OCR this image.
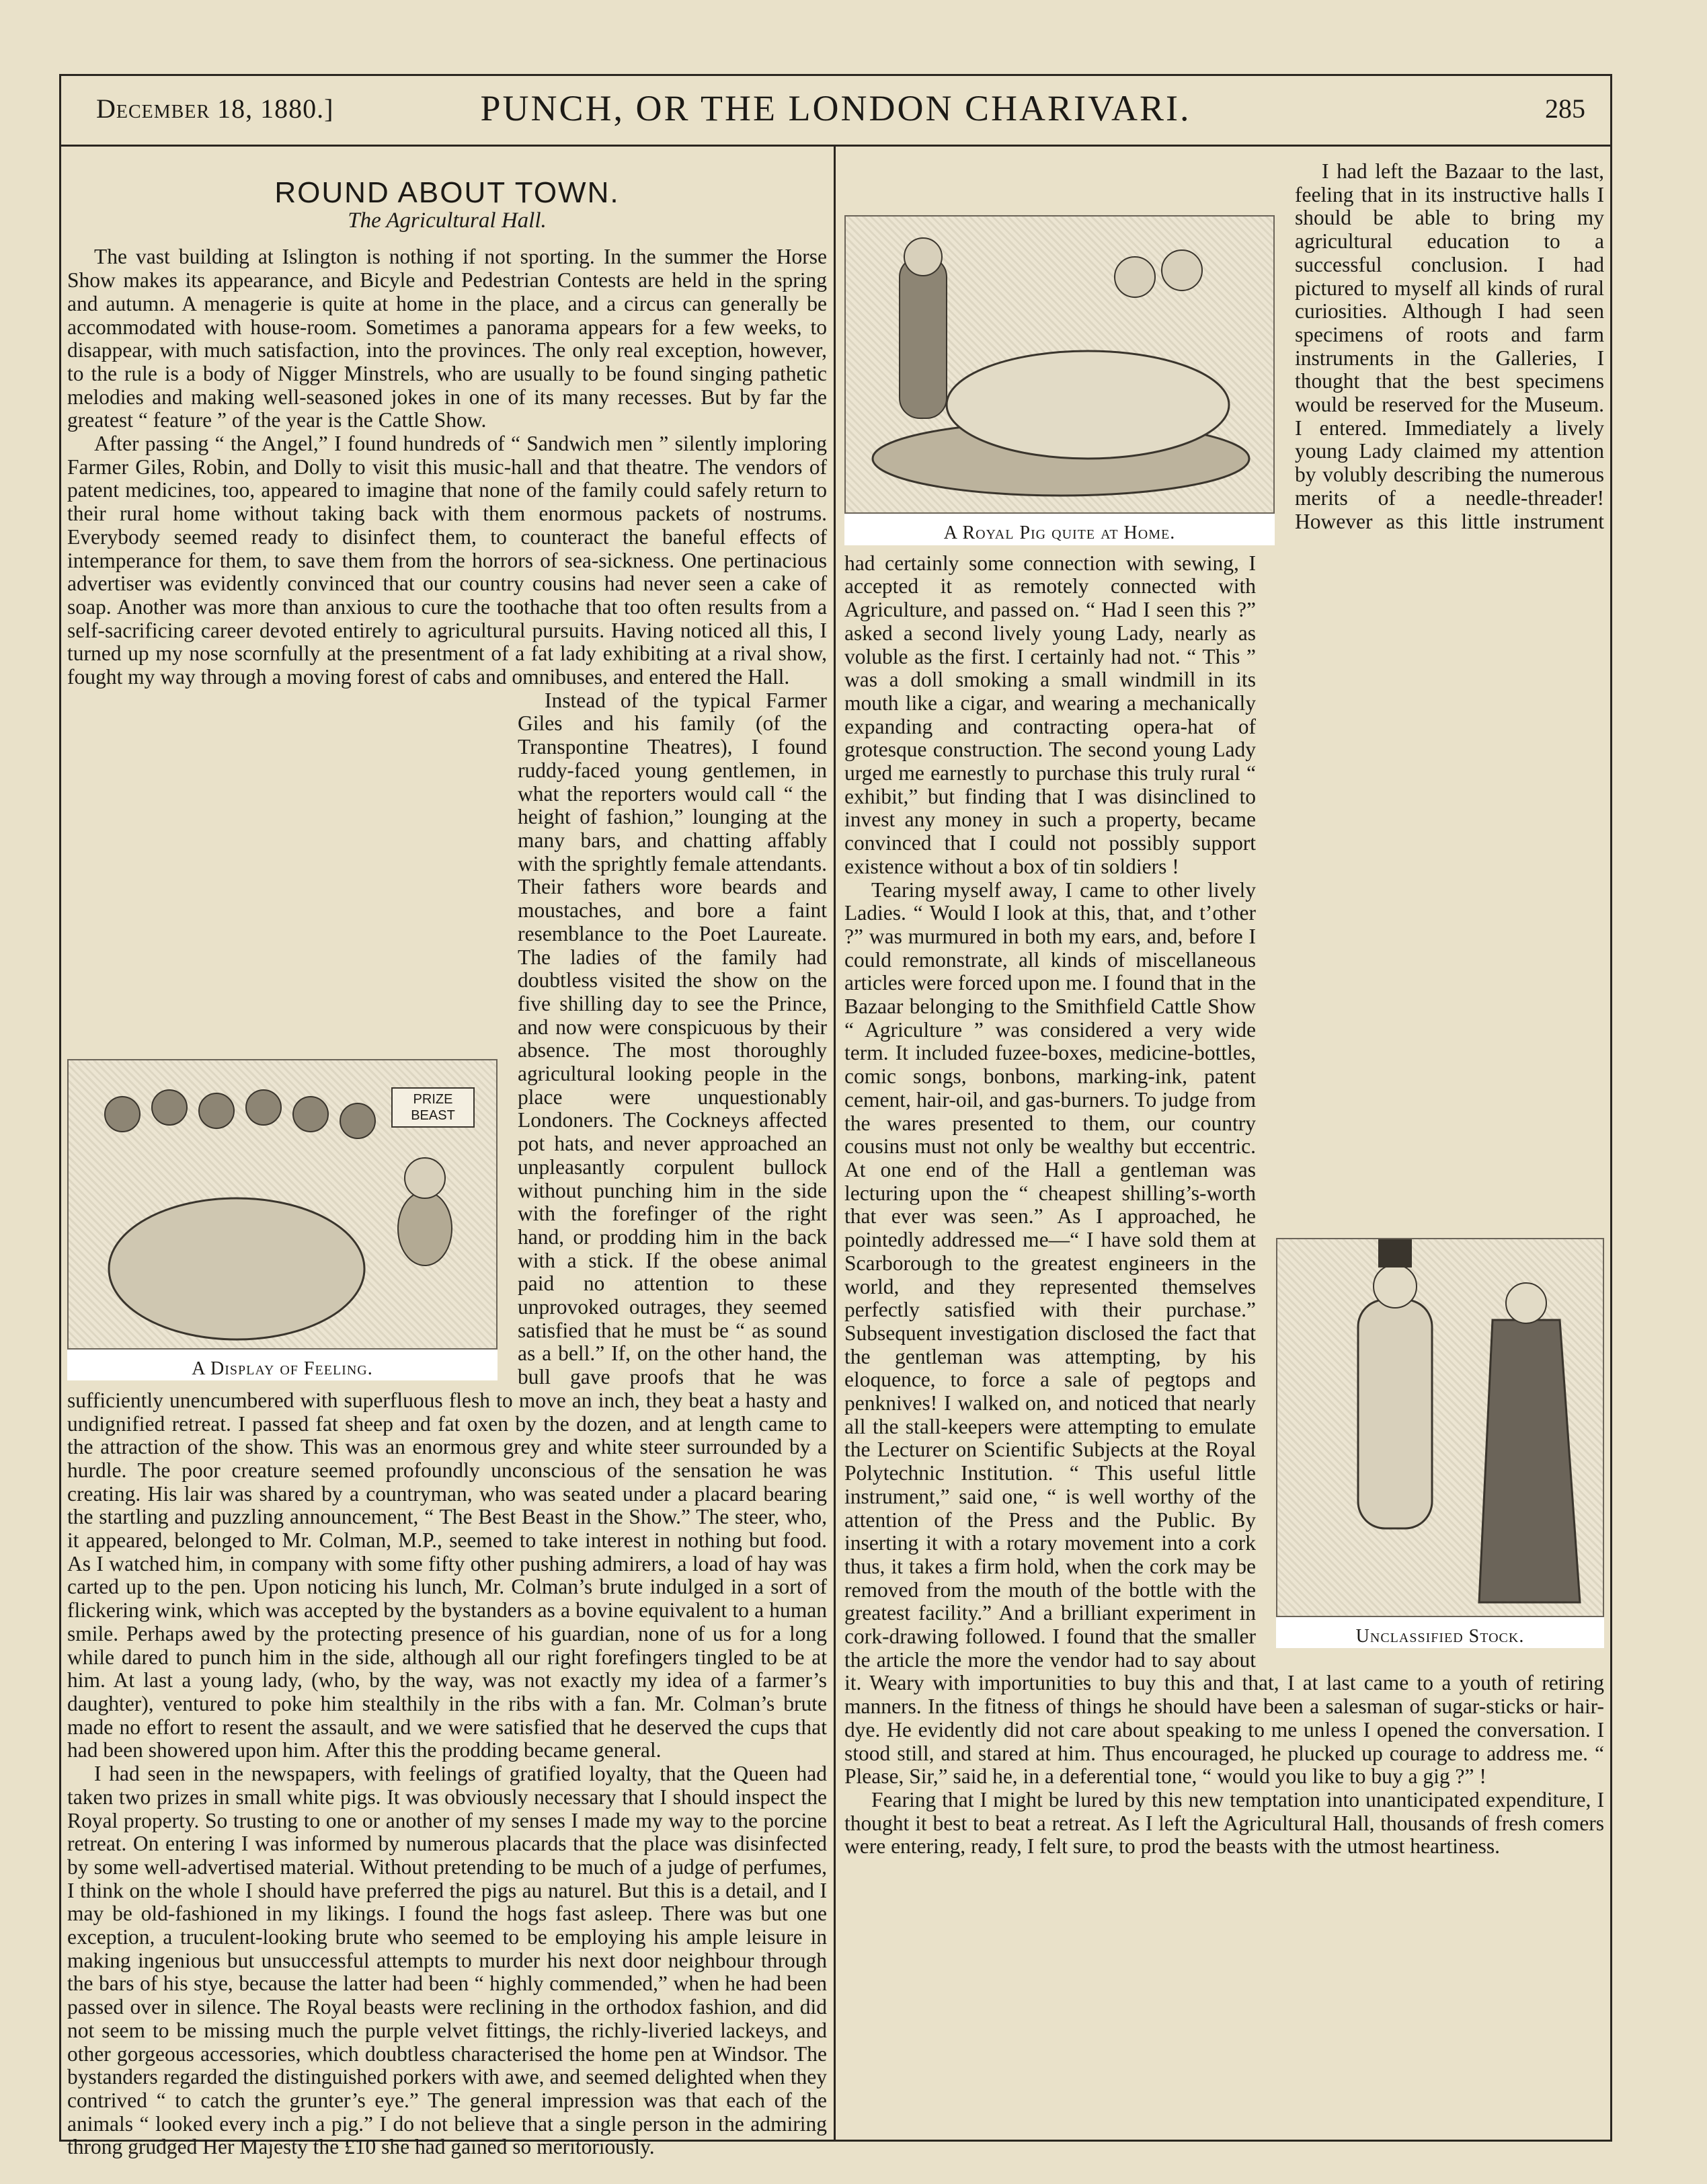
December 18, 1880.]	PUNCH, OR THE LONDON CHARIVARI.	285
ROUND ABOUT TOWN.
The Agricultural Hall.

The vast building at Islington is nothing if not sporting. In the summer the Horse Show makes its appearance, and Bicyle and Pedestrian Contests are held in the spring and autumn. A menagerie is quite at home in the place, and a circus can generally be accommodated with house-room. Sometimes a panorama appears for a few weeks, to disappear, with much satisfaction, into the provinces. The only real exception, however, to the rule is a body of Nigger Minstrels, who are usually to be found singing pathetic melodies and making well-seasoned jokes in one of its many recesses. But by far the greatest “ feature ” of the year is the Cattle Show.

After passing “ the Angel,” I found hundreds of “ Sandwich men ” silently imploring Farmer Giles, Robin, and Dolly to visit this music-hall and that theatre. The vendors of patent medicines, too, appeared to imagine that none of the family could safely return to their rural home without taking back with them enormous packets of nostrums. Everybody seemed ready to disinfect them, to counteract the baneful effects of intemperance for them, to save them from the horrors of sea-sickness. One pertinacious advertiser was evidently convinced that our country cousins had never seen a cake of soap. Another was more than anxious to cure the toothache that too often results from a self-sacrificing career devoted entirely to agricultural pursuits. Having noticed all this, I turned up my nose scornfully at the presentment of a fat lady exhibiting at a rival show, fought my way through a moving forest of cabs and omnibuses, and entered the Hall.

PRIZE BEAST
A Display of Feeling.

Instead of the typical Farmer Giles and his family (of the Transpontine Theatres), I found ruddy-faced young gentlemen, in what the reporters would call “ the height of fashion,” lounging at the many bars, and chatting affably with the sprightly female attendants. Their fathers wore beards and moustaches, and bore a faint resemblance to the Poet Laureate. The ladies of the family had doubtless visited the show on the five shilling day to see the Prince, and now were conspicuous by their absence. The most thoroughly agricultural looking people in the place were unquestionably Londoners. The Cockneys affected pot hats, and never approached an unpleasantly corpulent bullock without punching him in the side with the forefinger of the right hand, or prodding him in the back with a stick. If the obese animal paid no attention to these unprovoked outrages, they seemed satisfied that he must be “ as sound as a bell.” If, on the other hand, the bull gave proofs that he was sufficiently unencumbered with superfluous flesh to move an inch, they beat a hasty and undignified retreat. I passed fat sheep and fat oxen by the dozen, and at length came to the attraction of the show. This was an enormous grey and white steer surrounded by a hurdle. The poor creature seemed profoundly unconscious of the sensation he was creating. His lair was shared by a countryman, who was seated under a placard bearing the startling and puzzling announcement, “ The Best Beast in the Show.” The steer, who, it appeared, belonged to Mr. Colman, M.P., seemed to take interest in nothing but food. As I watched him, in company with some fifty other pushing admirers, a load of hay was carted up to the pen. Upon noticing his lunch, Mr. Colman’s brute indulged in a sort of flickering wink, which was accepted by the bystanders as a bovine equivalent to a human smile. Perhaps awed by the protecting presence of his guardian, none of us for a long while dared to punch him in the side, although all our right forefingers tingled to be at him. At last a young lady, (who, by the way, was not exactly my idea of a farmer’s daughter), ventured to poke him stealthily in the ribs with a fan. Mr. Colman’s brute made no effort to resent the assault, and we were satisfied that he deserved the cups that had been showered upon him. After this the prodding became general.

I had seen in the newspapers, with feelings of gratified loyalty, that the Queen had taken two prizes in small white pigs. It was obviously necessary that I should inspect the Royal property. So trusting to one or another of my senses I made my way to the porcine retreat. On entering I was informed by numerous placards that the place was disinfected by some well-advertised material. Without pretending to be much of a judge of perfumes, I think on the whole I should have preferred the pigs au naturel. But this is a detail, and I may be old-fashioned in my likings. I found the hogs fast asleep. There was but one exception, a truculent-looking brute who seemed to be employing his ample leisure in making ingenious but unsuccessful attempts to murder his next door neighbour through the bars of his stye, because the latter had been “ highly commended,” when he had been passed over in silence. The Royal beasts were reclining in the orthodox fashion, and did not seem to be missing much the purple velvet fittings, the richly-liveried lackeys, and other gorgeous accessories, which doubtless characterised the home pen at Windsor. The bystanders regarded the distinguished porkers with awe, and seemed delighted when they contrived “ to catch the grunter’s eye.” The general impression was that each of the animals “ looked every inch a pig.” I do not believe that a single person in the admiring throng grudged Her Majesty the £10 she had gained so meritoriously.

A Royal Pig quite at Home.
Unclassified Stock.

I had left the Bazaar to the last, feeling that in its instructive halls I should be able to bring my agricultural education to a successful conclusion. I had pictured to myself all kinds of rural curiosities. Although I had seen specimens of roots and farm instruments in the Galleries, I thought that the best specimens would be reserved for the Museum. I entered. Immediately a lively young Lady claimed my attention by volubly describing the numerous merits of a needle-threader! However as this little instrument had certainly some connection with sewing, I accepted it as remotely connected with Agriculture, and passed on. “ Had I seen this ?” asked a second lively young Lady, nearly as voluble as the first. I certainly had not. “ This ” was a doll smoking a small windmill in its mouth like a cigar, and wearing a mechanically expanding and contracting opera-hat of grotesque construction. The second young Lady urged me earnestly to purchase this truly rural “ exhibit,” but finding that I was disinclined to invest any money in such a property, became convinced that I could not possibly support existence without a box of tin soldiers !

Tearing myself away, I came to other lively Ladies. “ Would I look at this, that, and t’other ?” was murmured in both my ears, and, before I could remonstrate, all kinds of miscellaneous articles were forced upon me. I found that in the Bazaar belonging to the Smithfield Cattle Show “ Agriculture ” was considered a very wide term. It included fuzee-boxes, medicine-bottles, comic songs, bonbons, marking-ink, patent cement, hair-oil, and gas-burners. To judge from the wares presented to them, our country cousins must not only be wealthy but eccentric. At one end of the Hall a gentleman was lecturing upon the “ cheapest shilling’s-worth that ever was seen.” As I approached, he pointedly addressed me—“ I have sold them at Scarborough to the greatest engineers in the world, and they represented themselves perfectly satisfied with their purchase.” Subsequent investigation disclosed the fact that the gentleman was attempting, by his eloquence, to force a sale of pegtops and penknives! I walked on, and noticed that nearly all the stall-keepers were attempting to emulate the Lecturer on Scientific Subjects at the Royal Polytechnic Institution. “ This useful little instrument,” said one, “ is well worthy of the attention of the Press and the Public. By inserting it with a rotary movement into a cork thus, it takes a firm hold, when the cork may be removed from the mouth of the bottle with the greatest facility.” And a brilliant experiment in cork-drawing followed. I found that the smaller the article the more the vendor had to say about it. Weary with importunities to buy this and that, I at last came to a youth of retiring manners. In the fitness of things he should have been a salesman of sugar-sticks or hair-dye. He evidently did not care about speaking to me unless I opened the conversation. I stood still, and stared at him. Thus encouraged, he plucked up courage to address me. “ Please, Sir,” said he, in a deferential tone, “ would you like to buy a gig ?” !

Fearing that I might be lured by this new temptation into unanticipated expenditure, I thought it best to beat a retreat. As I left the Agricultural Hall, thousands of fresh comers were entering, ready, I felt sure, to prod the beasts with the utmost heartiness.
